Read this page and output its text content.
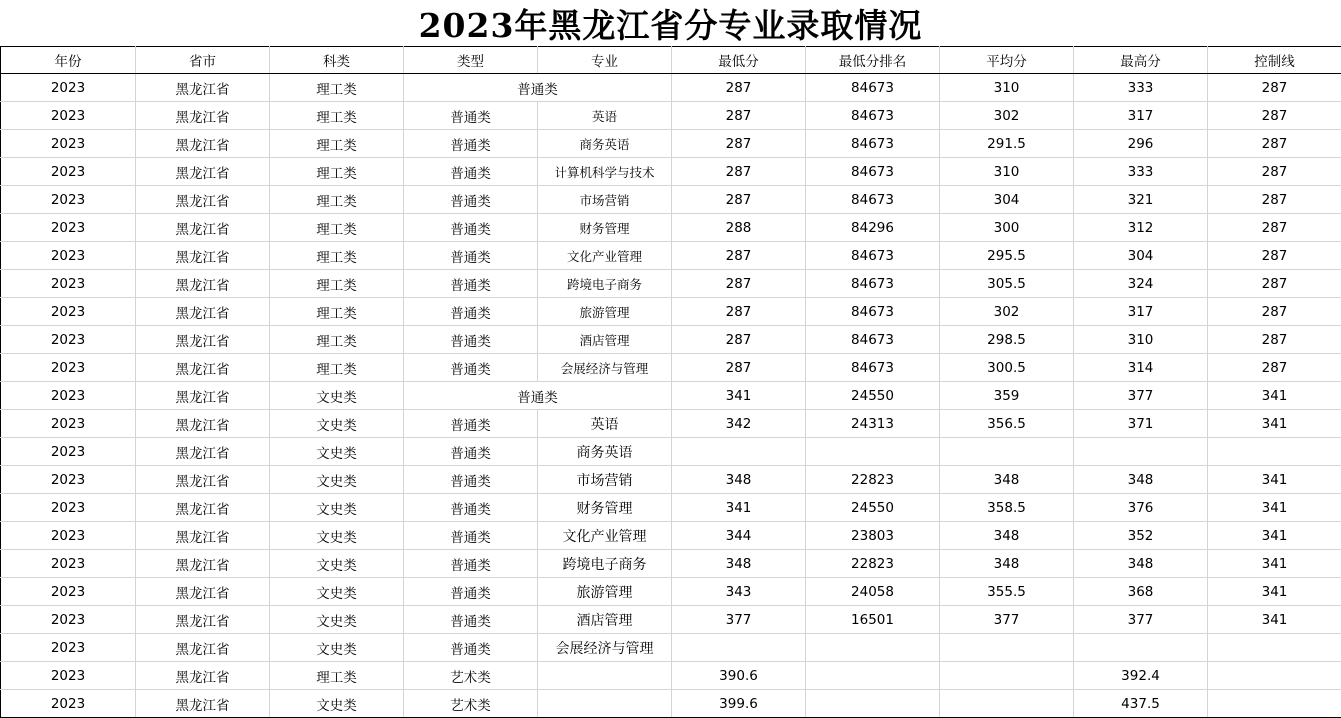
2023年黑龙江省分专业录取情况
年份	省市	科类	类型	专业	最低分	最低分排名	平均分	最高分	控制线
2023	黑龙江省	理工类	普通类		287	84673	310	333	287
2023	黑龙江省	理工类	普通类	英语	287	84673	302	317	287
2023	黑龙江省	理工类	普通类	商务英语	287	84673	291.5	296	287
2023	黑龙江省	理工类	普通类	计算机科学与技术	287	84673	310	333	287
2023	黑龙江省	理工类	普通类	市场营销	287	84673	304	321	287
2023	黑龙江省	理工类	普通类	财务管理	288	84296	300	312	287
2023	黑龙江省	理工类	普通类	文化产业管理	287	84673	295.5	304	287
2023	黑龙江省	理工类	普通类	跨境电子商务	287	84673	305.5	324	287
2023	黑龙江省	理工类	普通类	旅游管理	287	84673	302	317	287
2023	黑龙江省	理工类	普通类	酒店管理	287	84673	298.5	310	287
2023	黑龙江省	理工类	普通类	会展经济与管理	287	84673	300.5	314	287
2023	黑龙江省	文史类	普通类		341	24550	359	377	341
2023	黑龙江省	文史类	普通类	英语	342	24313	356.5	371	341
2023	黑龙江省	文史类	普通类	商务英语					
2023	黑龙江省	文史类	普通类	市场营销	348	22823	348	348	341
2023	黑龙江省	文史类	普通类	财务管理	341	24550	358.5	376	341
2023	黑龙江省	文史类	普通类	文化产业管理	344	23803	348	352	341
2023	黑龙江省	文史类	普通类	跨境电子商务	348	22823	348	348	341
2023	黑龙江省	文史类	普通类	旅游管理	343	24058	355.5	368	341
2023	黑龙江省	文史类	普通类	酒店管理	377	16501	377	377	341
2023	黑龙江省	文史类	普通类	会展经济与管理					
2023	黑龙江省	理工类	艺术类		390.6			392.4	
2023	黑龙江省	文史类	艺术类		399.6			437.5	
